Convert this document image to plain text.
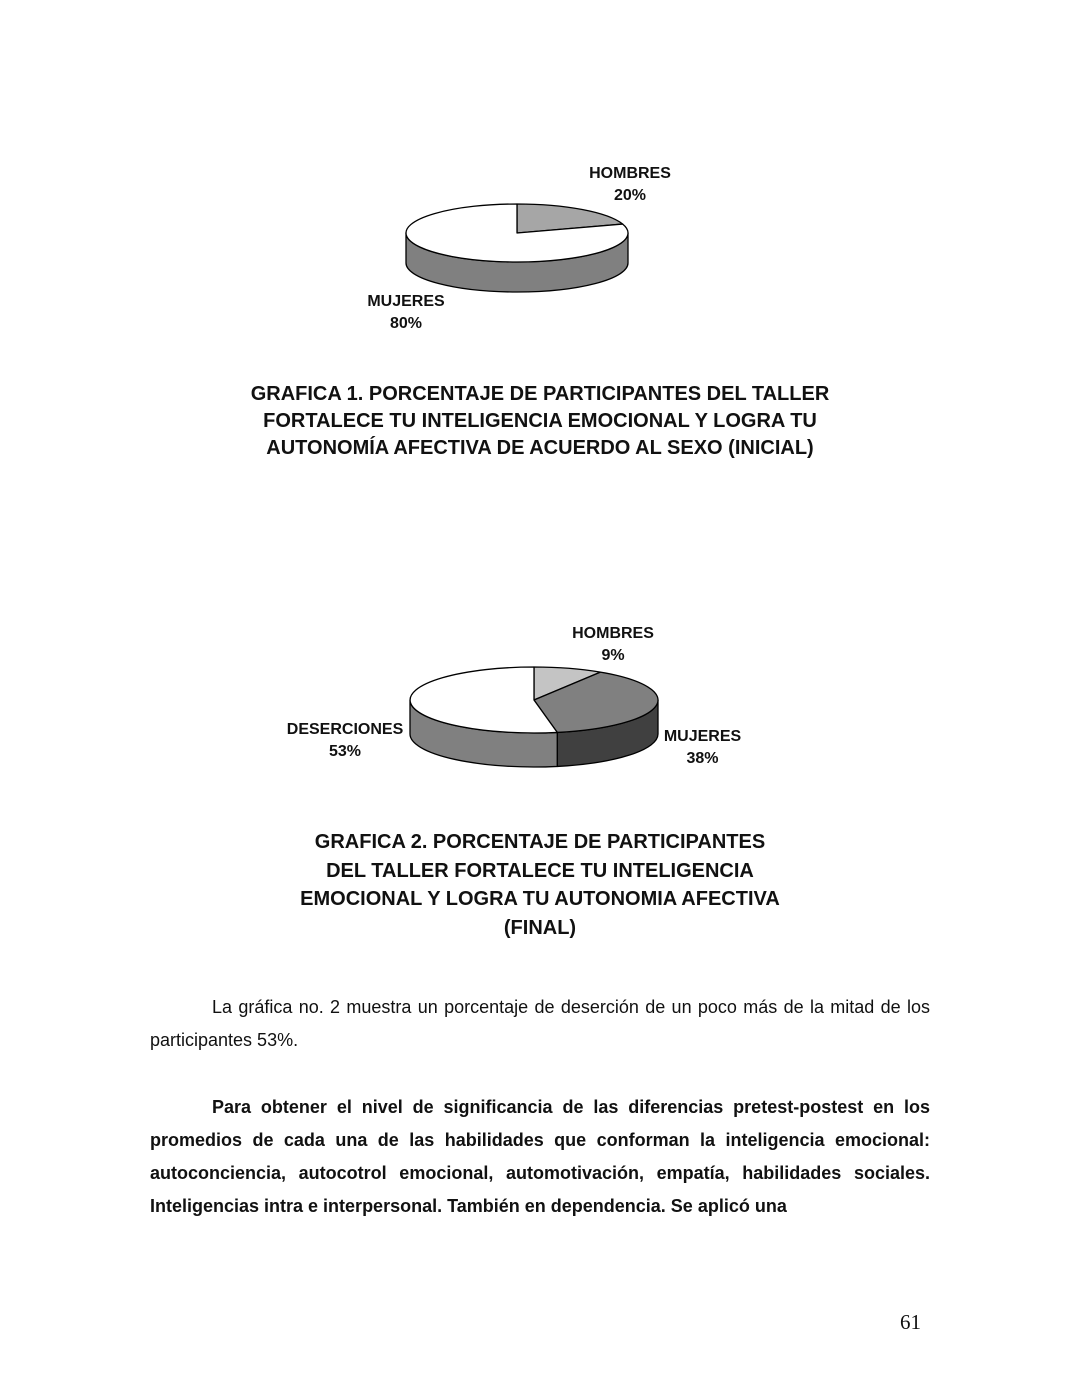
HOMBRES
20%
MUJERES
80%
GRAFICA 1. PORCENTAJE DE PARTICIPANTES DEL TALLER
FORTALECE TU INTELIGENCIA EMOCIONAL Y LOGRA TU
AUTONOMÍA AFECTIVA DE ACUERDO AL SEXO (INICIAL)
HOMBRES
9%
MUJERES
38%
DESERCIONES
53%
GRAFICA 2. PORCENTAJE DE PARTICIPANTES
DEL TALLER FORTALECE TU INTELIGENCIA
EMOCIONAL Y LOGRA TU AUTONOMIA AFECTIVA
(FINAL)
La gráfica no. 2 muestra un porcentaje de deserción de un poco más de la mitad de los participantes 53%.
Para obtener el nivel de significancia de las diferencias pretest-postest en los promedios de cada una de las habilidades que conforman la inteligencia emocional: autoconciencia, autocotrol emocional, automotivación, empatía, habilidades sociales. Inteligencias intra e interpersonal. También en dependencia. Se aplicó una
61
